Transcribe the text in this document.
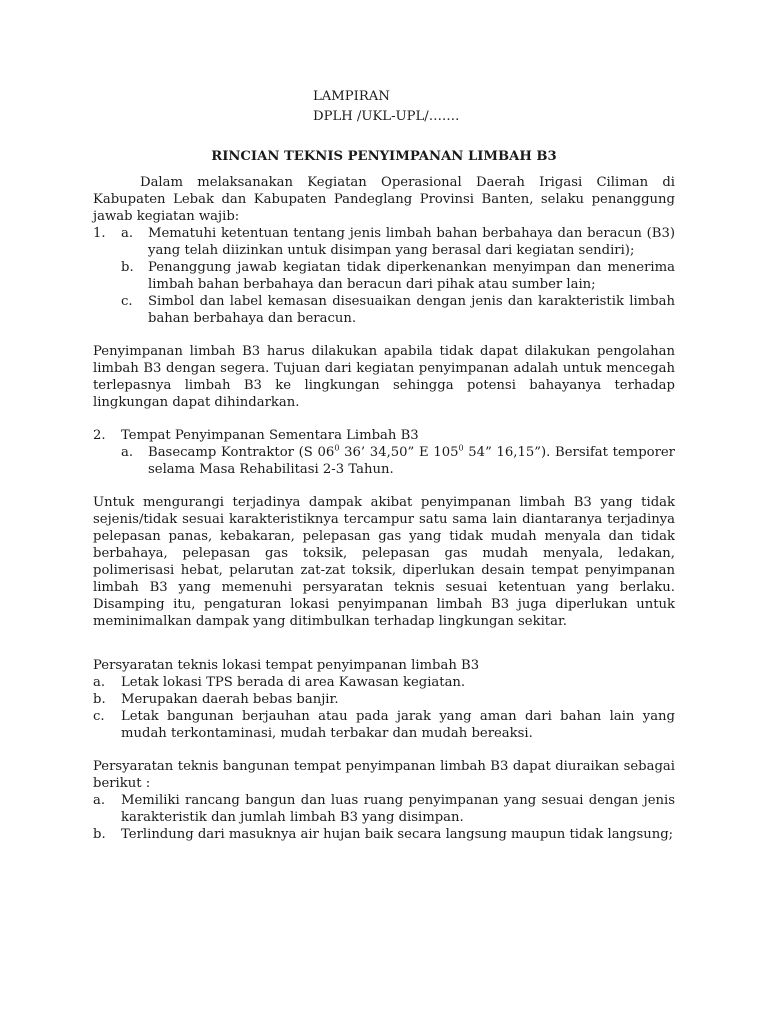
LAMPIRAN
DPLH /UKL-UPL/…….
RINCIAN TEKNIS PENYIMPANAN LIMBAH B3

Dalam melaksanakan Kegiatan Operasional Daerah Irigasi Ciliman di Kabupaten Lebak dan Kabupaten Pandeglang Provinsi Banten, selaku penanggung jawab kegiatan wajib:

1.	a.	Mematuhi ketentuan tentang jenis limbah bahan berbahaya dan beracun (B3) yang telah diizinkan untuk disimpan yang berasal dari kegiatan sendiri);
b.	Penanggung jawab kegiatan tidak diperkenankan menyimpan dan menerima limbah bahan berbahaya dan beracun dari pihak atau sumber lain;
c.	Simbol dan label kemasan disesuaikan dengan jenis dan karakteristik limbah bahan berbahaya dan beracun.

Penyimpanan limbah B3 harus dilakukan apabila tidak dapat dilakukan pengolahan limbah B3 dengan segera. Tujuan dari kegiatan penyimpanan adalah untuk mencegah terlepasnya limbah B3 ke lingkungan sehingga potensi bahayanya terhadap lingkungan dapat dihindarkan.

2.	Tempat Penyimpanan Sementara Limbah B3
a.	Basecamp Kontraktor (S $06^0$ 36’ 34,50” E $105^0$ 54” 16,15”). Bersifat temporer selama Masa Rehabilitasi 2-3 Tahun.

Untuk mengurangi terjadinya dampak akibat penyimpanan limbah B3 yang tidak sejenis/tidak sesuai karakteristiknya tercampur satu sama lain diantaranya terjadinya pelepasan panas, kebakaran, pelepasan gas yang tidak mudah menyala dan tidak berbahaya, pelepasan gas toksik, pelepasan gas mudah menyala, ledakan, polimerisasi hebat, pelarutan zat-zat toksik, diperlukan desain tempat penyimpanan limbah B3 yang memenuhi persyaratan teknis sesuai ketentuan yang berlaku. Disamping itu, pengaturan lokasi penyimpanan limbah B3 juga diperlukan untuk meminimalkan dampak yang ditimbulkan terhadap lingkungan sekitar.

Persyaratan teknis lokasi tempat penyimpanan limbah B3

a.	Letak lokasi TPS berada di area Kawasan kegiatan.
b.	Merupakan daerah bebas banjir.
c.	Letak bangunan berjauhan atau pada jarak yang aman dari bahan lain yang mudah terkontaminasi, mudah terbakar dan mudah bereaksi.

Persyaratan teknis bangunan tempat penyimpanan limbah B3 dapat diuraikan sebagai berikut :

a.	Memiliki rancang bangun dan luas ruang penyimpanan yang sesuai dengan jenis karakteristik dan jumlah limbah B3 yang disimpan.
b.	Terlindung dari masuknya air hujan baik secara langsung maupun tidak langsung;
